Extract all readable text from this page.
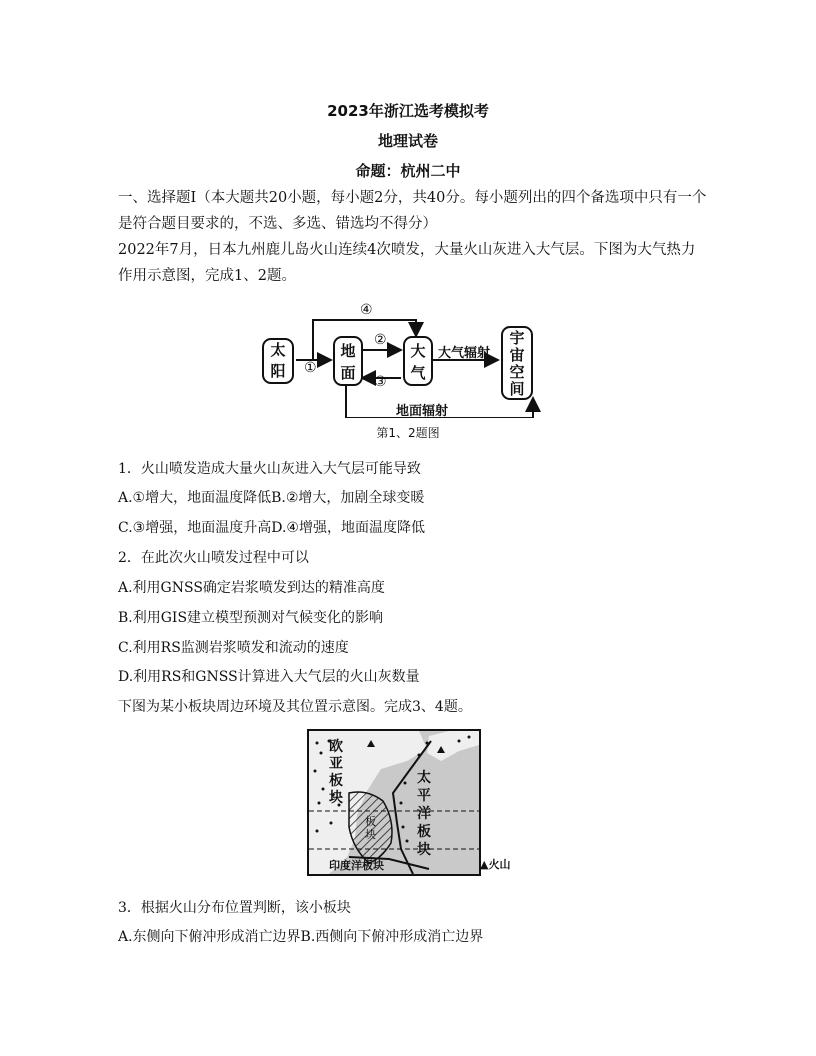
2023年浙江选考模拟考
地理试卷
命题：杭州二中
一、选择题Ⅰ（本大题共20小题，每小题2分，共40分。每小题列出的四个备选项中只有一个是符合题目要求的，不选、多选、错选均不得分）
2022年7月，日本九州鹿儿岛火山连续4次喷发，大量火山灰进入大气层。下图为大气热力作用示意图，完成1、2题。
太阳
地面
大气
宇宙空间
④
①
②
③
大气辐射
地面辐射
第1、2题图
1．火山喷发造成大量火山灰进入大气层可能导致
A.①增大，地面温度降低B.②增大，加剧全球变暖
C.③增强，地面温度升高D.④增强，地面温度降低
2．在此次火山喷发过程中可以
A.利用GNSS确定岩浆喷发到达的精准高度
B.利用GIS建立模型预测对气候变化的影响
C.利用RS监测岩浆喷发和流动的速度
D.利用RS和GNSS计算进入大气层的火山灰数量
下图为某小板块周边环境及其位置示意图。完成3、4题。
欧亚板块
太平洋板块
板块
印度洋板块	▲火山
3．根据火山分布位置判断，该小板块
A.东侧向下俯冲形成消亡边界B.西侧向下俯冲形成消亡边界
